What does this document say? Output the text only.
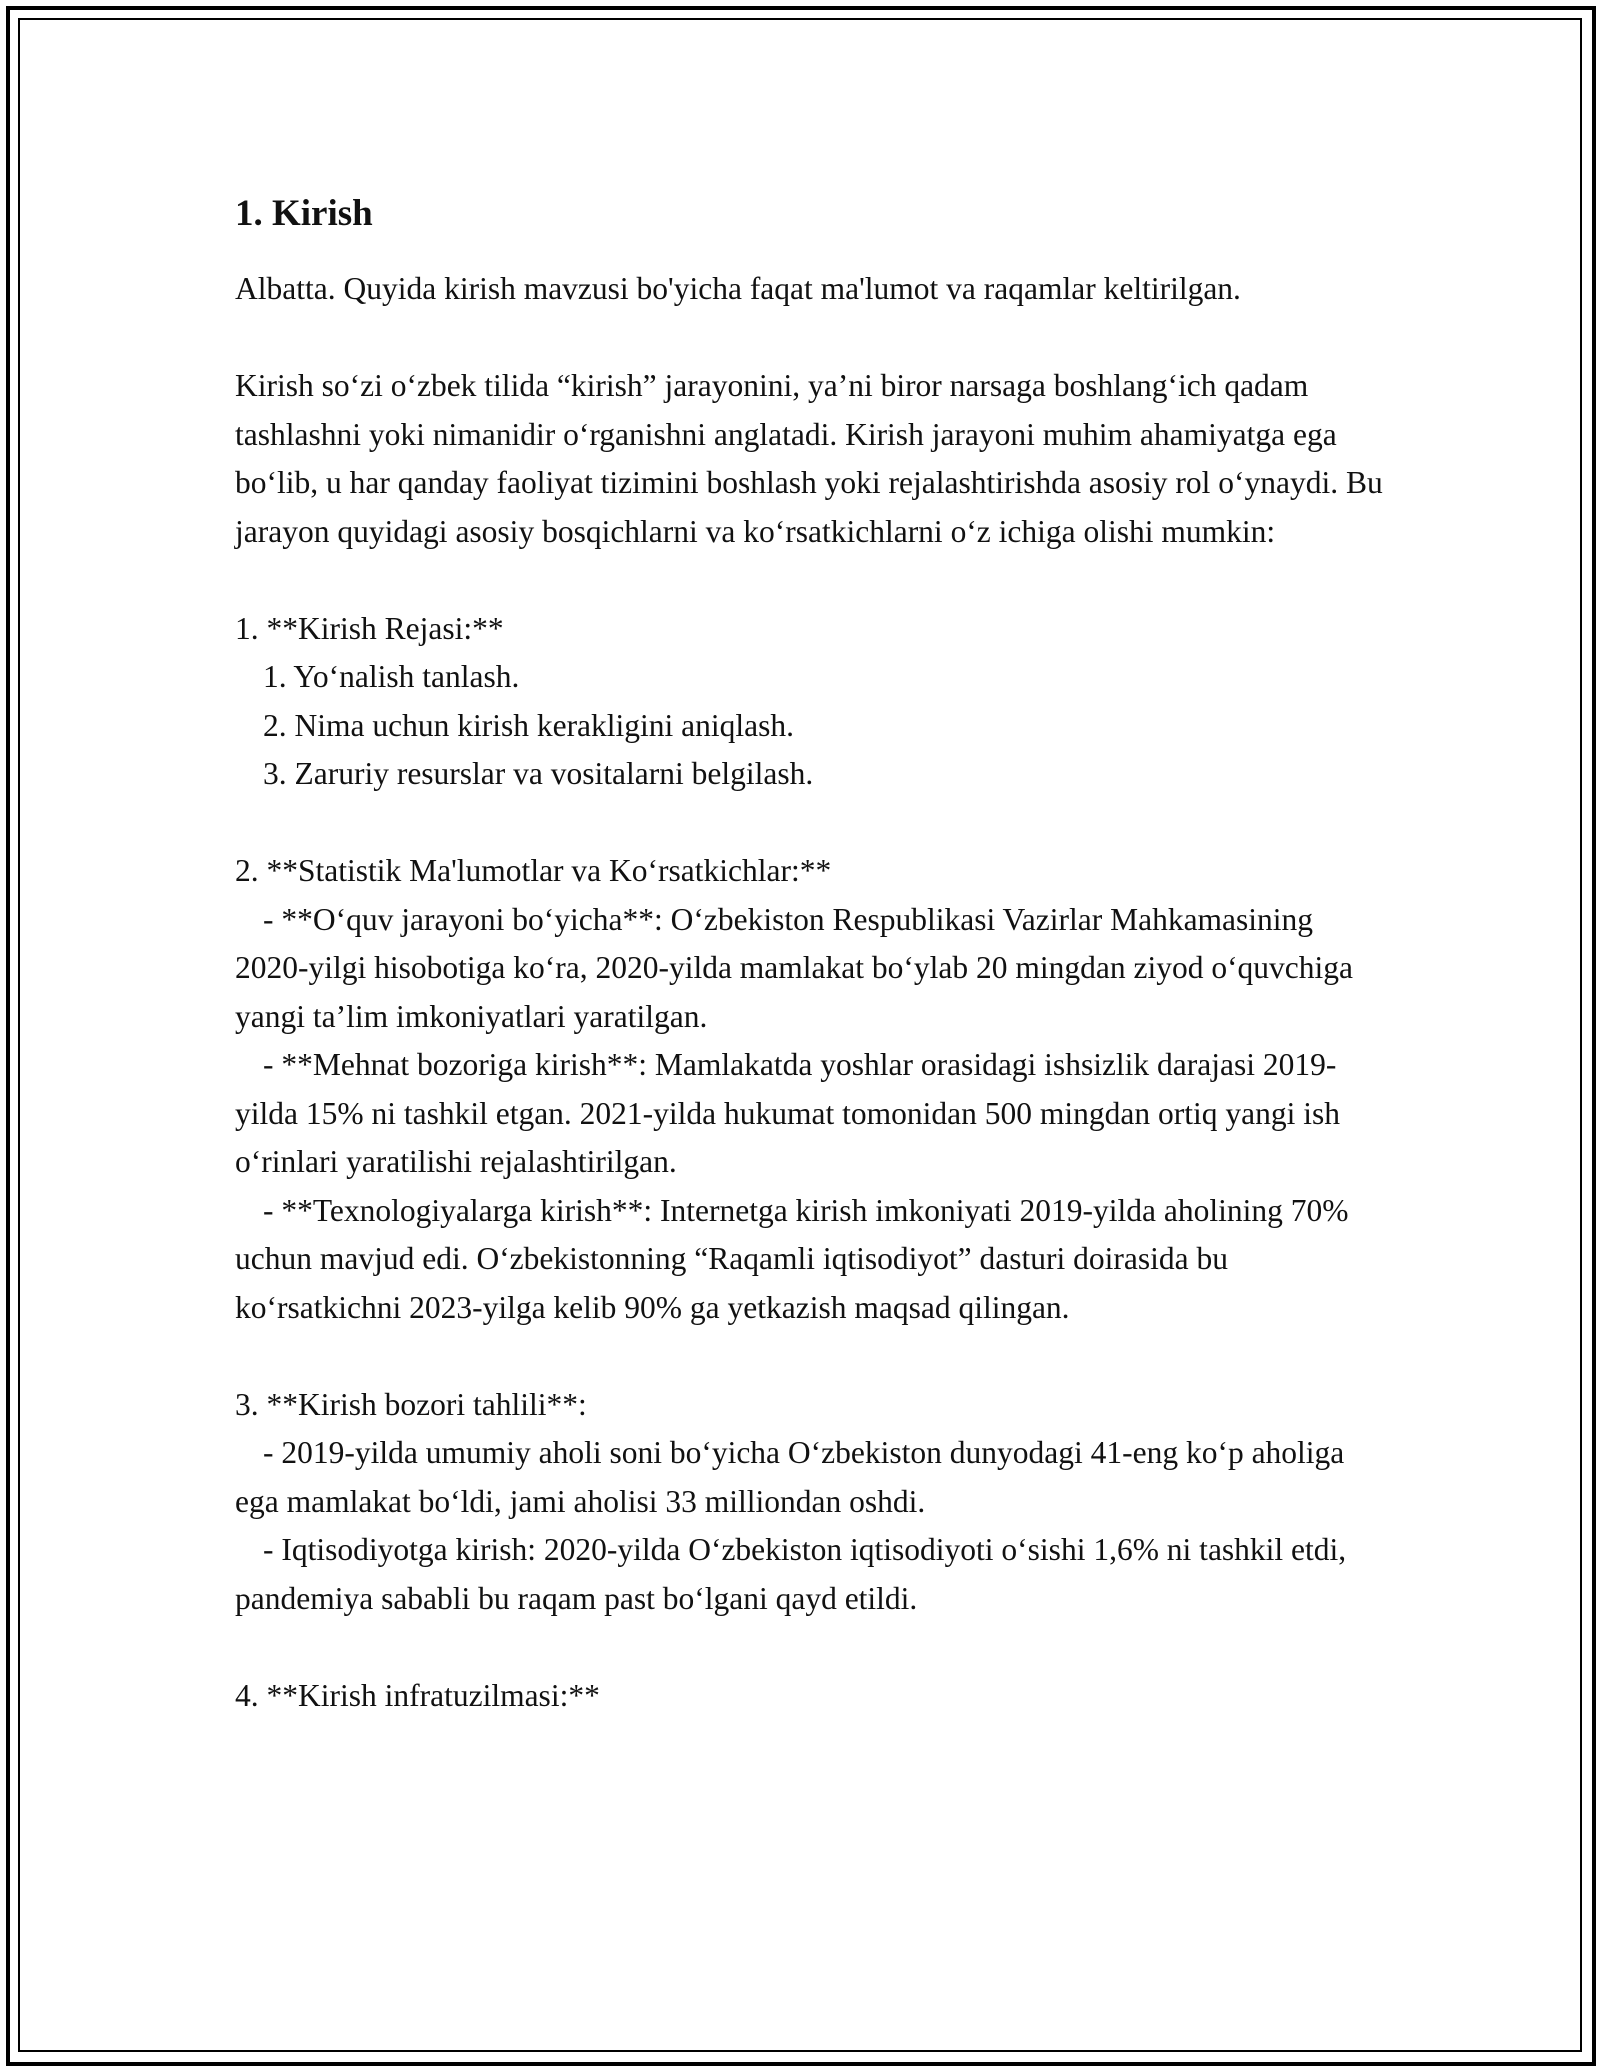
1. Kirish

Albatta. Quyida kirish mavzusi bo'yicha faqat ma'lumot va raqamlar keltirilgan.

Kirish so‘zi o‘zbek tilida “kirish” jarayonini, ya’ni biror narsaga boshlang‘ich qadam tashlashni yoki nimanidir o‘rganishni anglatadi. Kirish jarayoni muhim ahamiyatga ega bo‘lib, u har qanday faoliyat tizimini boshlash yoki rejalashtirishda asosiy rol o‘ynaydi. Bu jarayon quyidagi asosiy bosqichlarni va ko‘rsatkichlarni o‘z ichiga olishi mumkin:

1. **Kirish Rejasi:**

1. Yo‘nalish tanlash.

2. Nima uchun kirish kerakligini aniqlash.

3. Zaruriy resurslar va vositalarni belgilash.

2. **Statistik Ma'lumotlar va Ko‘rsatkichlar:**

- **O‘quv jarayoni bo‘yicha**: O‘zbekiston Respublikasi Vazirlar Mahkamasining 2020-yilgi hisobotiga ko‘ra, 2020-yilda mamlakat bo‘ylab 20 mingdan ziyod o‘quvchiga yangi ta’lim imkoniyatlari yaratilgan.

- **Mehnat bozoriga kirish**: Mamlakatda yoshlar orasidagi ishsizlik darajasi 2019-yilda 15% ni tashkil etgan. 2021-yilda hukumat tomonidan 500 mingdan ortiq yangi ish o‘rinlari yaratilishi rejalashtirilgan.

- **Texnologiyalarga kirish**: Internetga kirish imkoniyati 2019-yilda aholining 70% uchun mavjud edi. O‘zbekistonning “Raqamli iqtisodiyot” dasturi doirasida bu ko‘rsatkichni 2023-yilga kelib 90% ga yetkazish maqsad qilingan.

3. **Kirish bozori tahlili**:

- 2019-yilda umumiy aholi soni bo‘yicha O‘zbekiston dunyodagi 41-eng ko‘p aholiga ega mamlakat bo‘ldi, jami aholisi 33 milliondan oshdi.

- Iqtisodiyotga kirish: 2020-yilda O‘zbekiston iqtisodiyoti o‘sishi 1,6% ni tashkil etdi, pandemiya sababli bu raqam past bo‘lgani qayd etildi.

4. **Kirish infratuzilmasi:**
